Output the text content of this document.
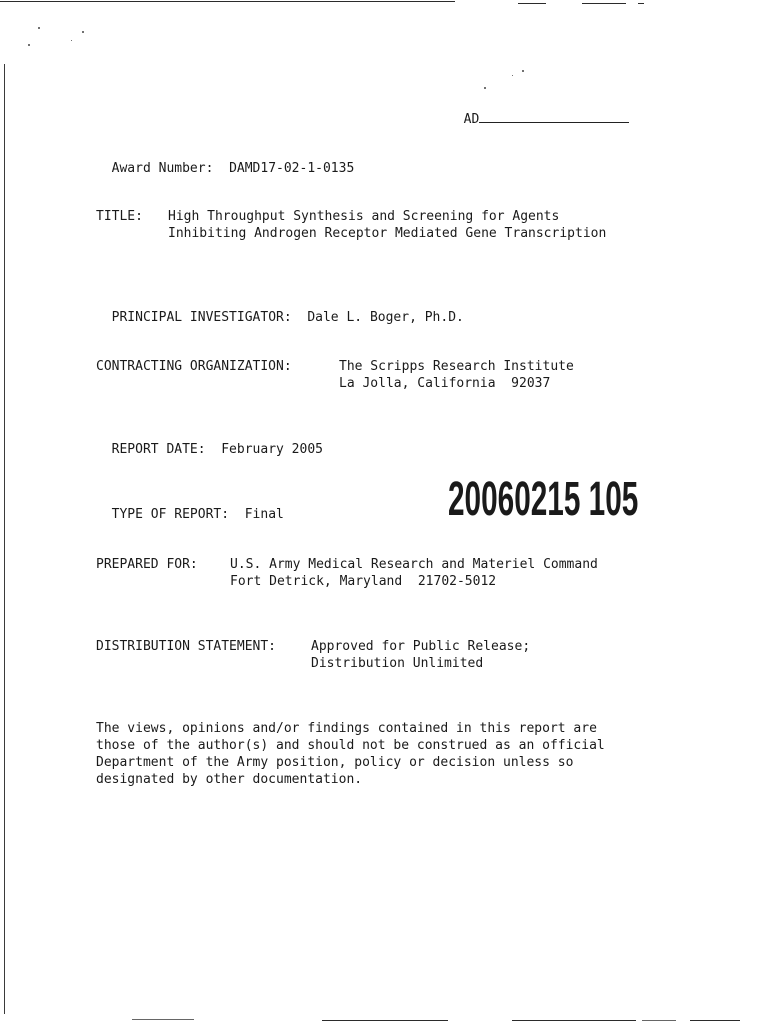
AD

Award Number: DAMD17-02-1-0135

TITLE:	High Throughput Synthesis and Screening for Agents
Inhibiting Androgen Receptor Mediated Gene Transcription

PRINCIPAL INVESTIGATOR: Dale L. Boger, Ph.D.

CONTRACTING ORGANIZATION:	The Scripps Research Institute
La Jolla, California  92037

REPORT DATE: February 2005

TYPE OF REPORT: Final	20060215 105
PREPARED FOR:	U.S. Army Medical Research and Materiel Command
Fort Detrick, Maryland  21702-5012
DISTRIBUTION STATEMENT:	Approved for Public Release;
Distribution Unlimited
The views, opinions and/or findings contained in this report are
those of the author(s) and should not be construed as an official
Department of the Army position, policy or decision unless so
designated by other documentation.
